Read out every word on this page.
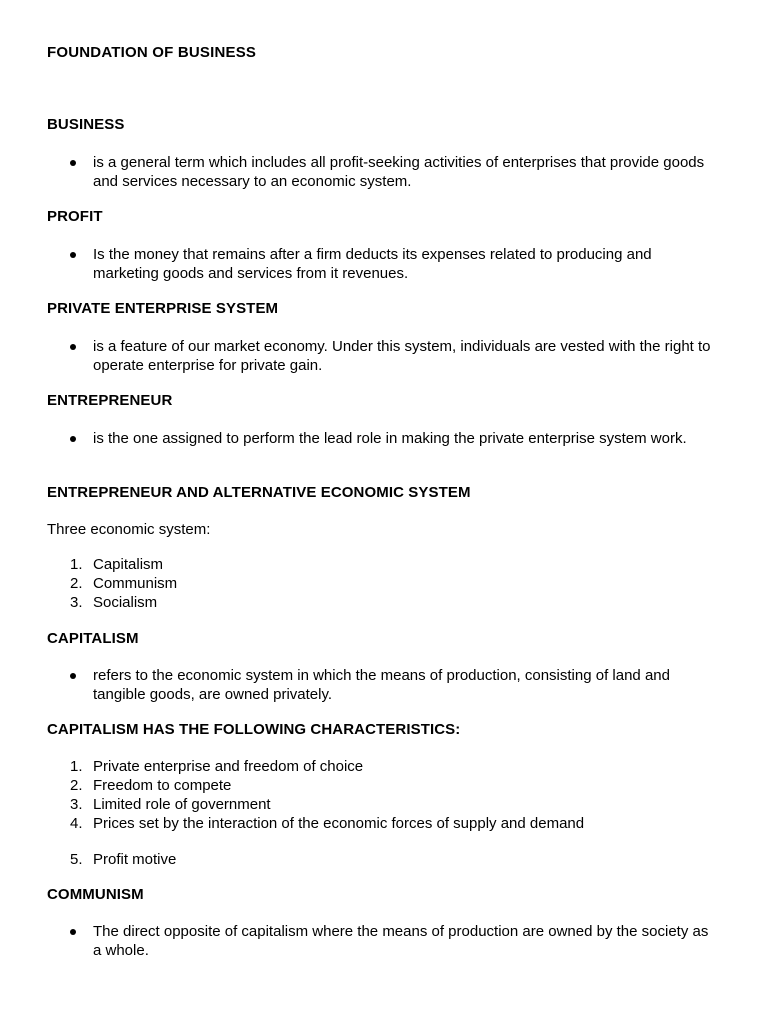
FOUNDATION OF BUSINESS
BUSINESS
is a general term which includes all profit-seeking activities of enterprises that provide goods and services necessary to an economic system.
PROFIT
Is the money that remains after a firm deducts its expenses related to producing and marketing goods and services from it revenues.
PRIVATE ENTERPRISE SYSTEM
is a feature of our market economy. Under this system, individuals are vested with the right to operate enterprise for private gain.
ENTREPRENEUR
is the one assigned to perform the lead role in making the private enterprise system work.
ENTREPRENEUR AND ALTERNATIVE ECONOMIC SYSTEM
Three economic system:
1. Capitalism
2. Communism
3. Socialism
CAPITALISM
refers to the economic system in which the means of production, consisting of land and tangible goods, are owned privately.
CAPITALISM HAS THE FOLLOWING CHARACTERISTICS:
1. Private enterprise and freedom of choice
2. Freedom to compete
3. Limited role of government
4. Prices set by the interaction of the economic forces of supply and demand
5. Profit motive
COMMUNISM
The direct opposite of capitalism where the means of production are owned by the society as a whole.
